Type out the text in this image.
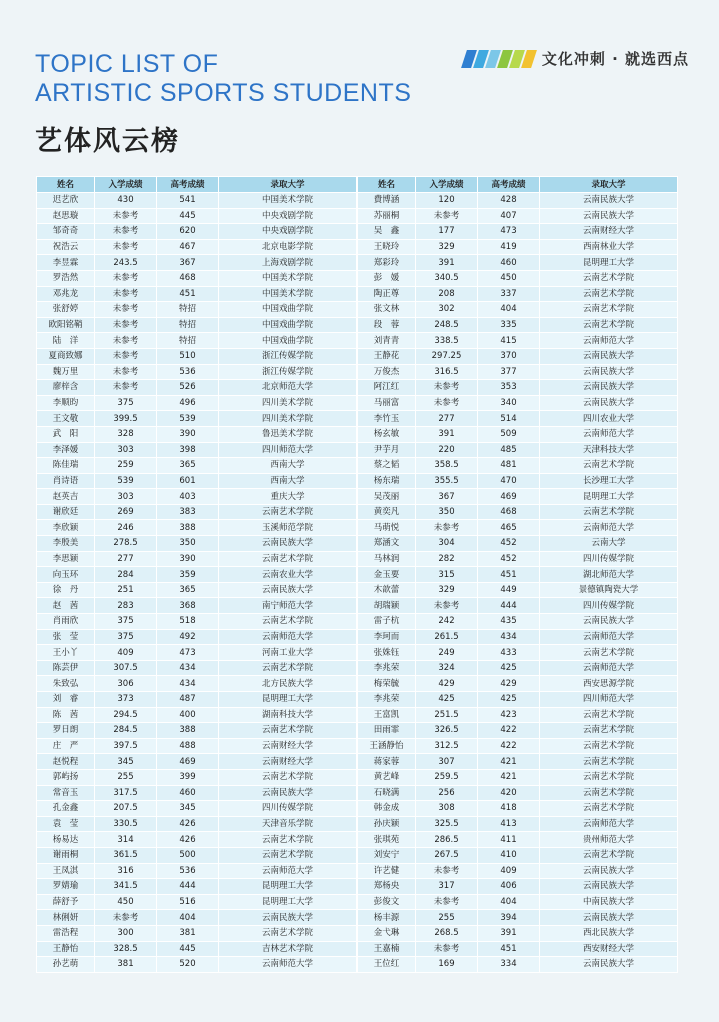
TOPIC LIST OF
ARTISTIC SPORTS STUDENTS
文化冲刺 · 就选西点
艺体风云榜
姓名	入学成绩	高考成绩	录取大学
迟艺欣	430	541	中国美术学院
赵思璇	未参考	445	中央戏剧学院
邹奇奇	未参考	620	中央戏剧学院
祝浩云	未参考	467	北京电影学院
李昱霖	243.5	367	上海戏剧学院
罗浩然	未参考	468	中国美术学院
邓兆龙	未参考	451	中国美术学院
张舒婷	未参考	特招	中国戏曲学院
欧阳铭鞘	未参考	特招	中国戏曲学院
陆　洋	未参考	特招	中国戏曲学院
夏商致娜	未参考	510	浙江传媒学院
魏万里	未参考	536	浙江传媒学院
廖梓含	未参考	526	北京师范大学
李顺昀	375	496	四川美术学院
王文敬	399.5	539	四川美术学院
武　阳	328	390	鲁迅美术学院
李泽媛	303	398	四川师范大学
陈佳瑞	259	365	西南大学
肖诗语	539	601	西南大学
赵英吉	303	403	重庆大学
谢欣廷	269	383	云南艺术学院
李欣颖	246	388	玉溪师范学院
李殷美	278.5	350	云南民族大学
李思颖	277	390	云南艺术学院
向玉环	284	359	云南农业大学
徐　丹	251	365	云南民族大学
赵　茜	283	368	南宁师范大学
肖雨欣	375	518	云南艺术学院
张　莹	375	492	云南师范大学
王小丫	409	473	河南工业大学
陈芸伊	307.5	434	云南艺术学院
朱致弘	306	434	北方民族大学
刘　睿	373	487	昆明理工大学
陈　茜	294.5	400	湖南科技大学
罗日朗	284.5	388	云南艺术学院
庄　严	397.5	488	云南财经大学
赵悦程	345	469	云南财经大学
郭屿扬	255	399	云南艺术学院
常音玉	317.5	460	云南民族大学
孔金鑫	207.5	345	四川传媒学院
袁　莹	330.5	426	天津音乐学院
杨易达	314	426	云南艺术学院
谢雨桐	361.5	500	云南艺术学院
王凤淇	316	536	云南师范大学
罗婧瑜	341.5	444	昆明理工大学
薛舒予	450	516	昆明理工大学
林俐妍	未参考	404	云南民族大学
雷浩程	300	381	云南艺术学院
王静怡	328.5	445	吉林艺术学院
孙艺萌	381	520	云南师范大学
姓名	入学成绩	高考成绩	录取大学
費博涵	120	428	云南民族大学
苏丽桐	未参考	407	云南民族大学
吴　鑫	177	473	云南财经大学
王晓玲	329	419	西南林业大学
郑彩玲	391	460	昆明理工大学
彭　媛	340.5	450	云南艺术学院
陶正尊	208	337	云南艺术学院
张文林	302	404	云南艺术学院
段　蓉	248.5	335	云南艺术学院
刘青青	338.5	415	云南师范大学
王静花	297.25	370	云南民族大学
万俊杰	316.5	377	云南民族大学
阿江红	未参考	353	云南民族大学
马丽富	未参考	340	云南民族大学
李竹玉	277	514	四川农业大学
杨玄敏	391	509	云南师范大学
尹芋月	220	485	天津科技大学
蔡之韬	358.5	481	云南艺术学院
杨东瑞	355.5	470	长沙理工大学
吴茂丽	367	469	昆明理工大学
黄奕凡	350	468	云南艺术学院
马萌悦	未参考	465	云南师范大学
郑涵文	304	452	云南大学
马林润	282	452	四川传媒学院
金玉要	315	451	湖北师范大学
木歆蕾	329	449	景德镇陶瓷大学
胡瑞颖	未参考	444	四川传媒学院
雷子杭	242	435	云南民族大学
李珂而	261.5	434	云南师范大学
张姝钰	249	433	云南艺术学院
李兆荣	324	425	云南师范大学
梅荣毓	429	429	西安思源学院
李兆荣	425	425	四川师范大学
王富凯	251.5	423	云南艺术学院
田雨霏	326.5	422	云南艺术学院
王涵静怡	312.5	422	云南艺术学院
蒋家蓉	307	421	云南艺术学院
黄艺峰	259.5	421	云南艺术学院
石晓满	256	420	云南艺术学院
韩金成	308	418	云南艺术学院
孙庆颖	325.5	413	云南师范大学
张琪苑	286.5	411	贵州师范大学
刘安宁	267.5	410	云南艺术学院
许艺健	未参考	409	云南民族大学
郑杨央	317	406	云南民族大学
彭俊文	未参考	404	中南民族大学
杨丰源	255	394	云南民族大学
金弋琳	268.5	391	西北民族大学
王嘉楠	未参考	451	西安财经大学
王位红	169	334	云南民族大学
